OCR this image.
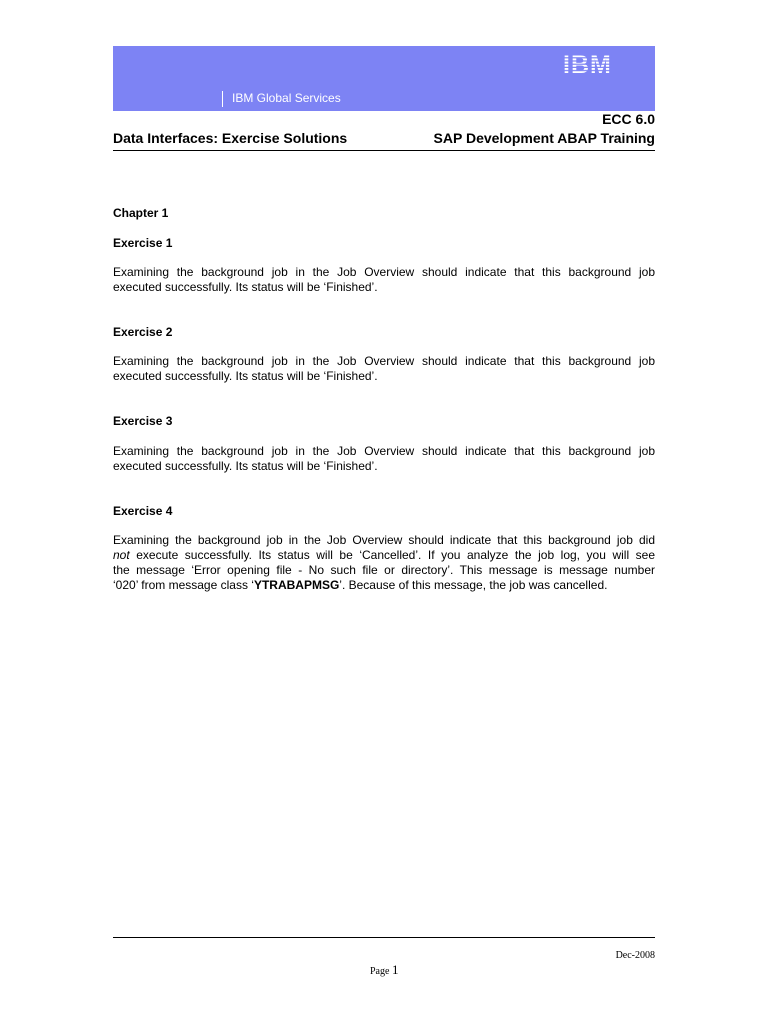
IBM Global Services
IBM
ECC 6.0
Data Interfaces: Exercise Solutions	SAP Development ABAP Training
Chapter 1
Exercise 1
Examining the background job in the Job Overview should indicate that this background job
executed successfully. Its status will be ‘Finished’.
Exercise 2
Examining the background job in the Job Overview should indicate that this background job
executed successfully. Its status will be ‘Finished’.
Exercise 3
Examining the background job in the Job Overview should indicate that this background job
executed successfully. Its status will be ‘Finished’.
Exercise 4
Examining the background job in the Job Overview should indicate that this background job did
not execute successfully. Its status will be ‘Cancelled’. If you analyze the job log, you will see
the message ‘Error opening file - No such file or directory’. This message is message number
‘020’ from message class ‘YTRABAPMSG’. Because of this message, the job was cancelled.
Dec-2008
Page 1
